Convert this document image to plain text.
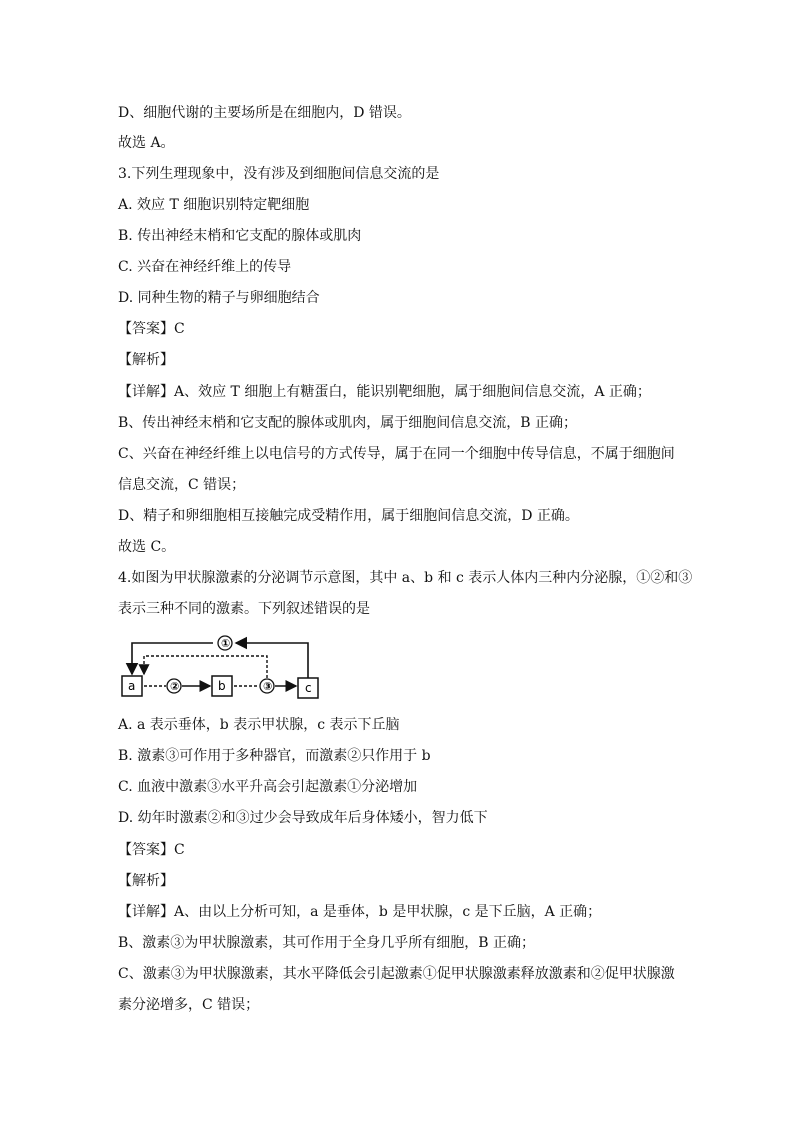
D、细胞代谢的主要场所是在细胞内，D 错误。
故选 A。
3.下列生理现象中，没有涉及到细胞间信息交流的是
A. 效应 T 细胞识别特定靶细胞
B. 传出神经末梢和它支配的腺体或肌肉
C. 兴奋在神经纤维上的传导
D. 同种生物的精子与卵细胞结合
【答案】C
【解析】
【详解】A、效应 T 细胞上有糖蛋白，能识别靶细胞，属于细胞间信息交流，A 正确；
B、传出神经末梢和它支配的腺体或肌肉，属于细胞间信息交流，B 正确；
C、兴奋在神经纤维上以电信号的方式传导，属于在同一个细胞中传导信息，不属于细胞间
信息交流，C 错误；
D、精子和卵细胞相互接触完成受精作用，属于细胞间信息交流，D 正确。
故选 C。
4.如图为甲状腺激素的分泌调节示意图，其中 a、b 和 c 表示人体内三种内分泌腺，①②和③
表示三种不同的激素。下列叙述错误的是
a	b	c
①
②	③
A. a 表示垂体，b 表示甲状腺，c 表示下丘脑
B. 激素③可作用于多种器官，而激素②只作用于 b
C. 血液中激素③水平升高会引起激素①分泌增加
D. 幼年时激素②和③过少会导致成年后身体矮小，智力低下
【答案】C
【解析】
【详解】A、由以上分析可知，a 是垂体，b 是甲状腺，c 是下丘脑，A 正确；
B、激素③为甲状腺激素，其可作用于全身几乎所有细胞，B 正确；
C、激素③为甲状腺激素，其水平降低会引起激素①促甲状腺激素释放激素和②促甲状腺激
素分泌增多，C 错误；
